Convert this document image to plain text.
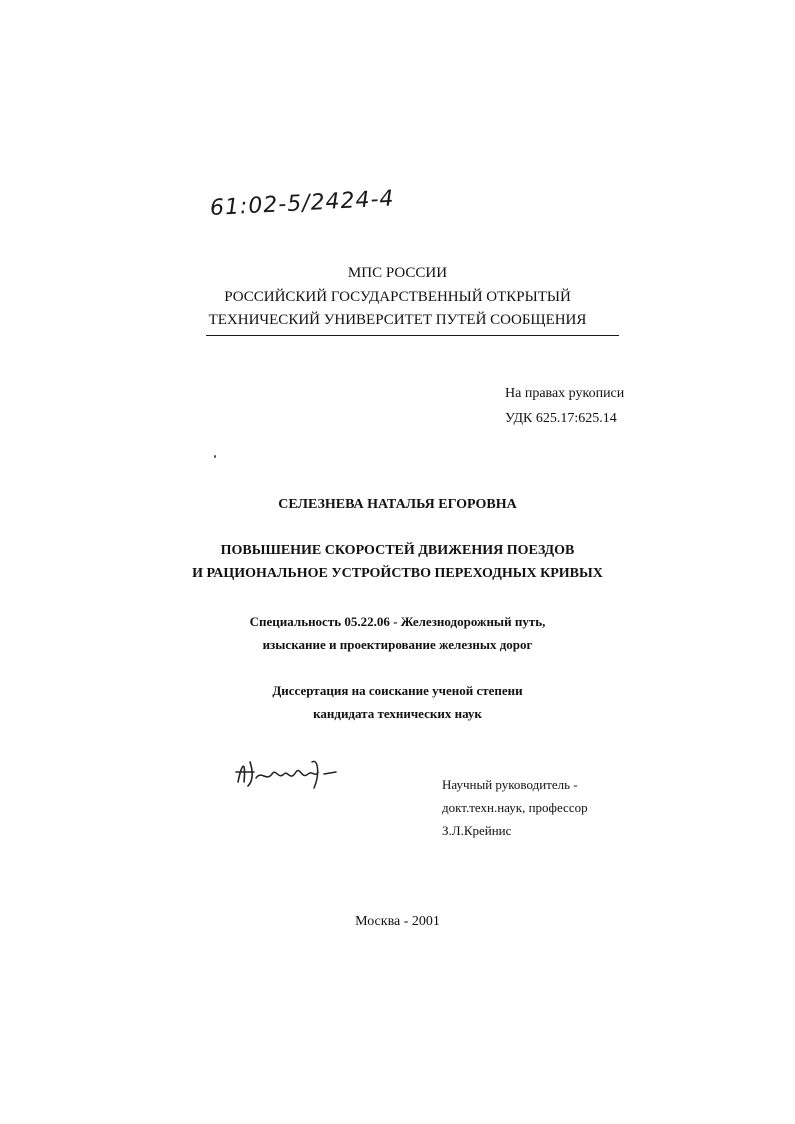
61:02-5/2424-4
МПС РОССИИ
РОССИЙСКИЙ ГОСУДАРСТВЕННЫЙ ОТКРЫТЫЙ
ТЕХНИЧЕСКИЙ УНИВЕРСИТЕТ ПУТЕЙ СООБЩЕНИЯ
На правах рукописи
УДК 625.17:625.14
СЕЛЕЗНЕВА НАТАЛЬЯ ЕГОРОВНА
ПОВЫШЕНИЕ СКОРОСТЕЙ ДВИЖЕНИЯ ПОЕЗДОВ
И РАЦИОНАЛЬНОЕ УСТРОЙСТВО ПЕРЕХОДНЫХ КРИВЫХ
Специальность 05.22.06 - Железнодорожный путь,
изыскание и проектирование железных дорог
Диссертация на соискание ученой степени
кандидата технических наук
Научный руководитель -
докт.техн.наук, профессор
З.Л.Крейнис
Москва - 2001
